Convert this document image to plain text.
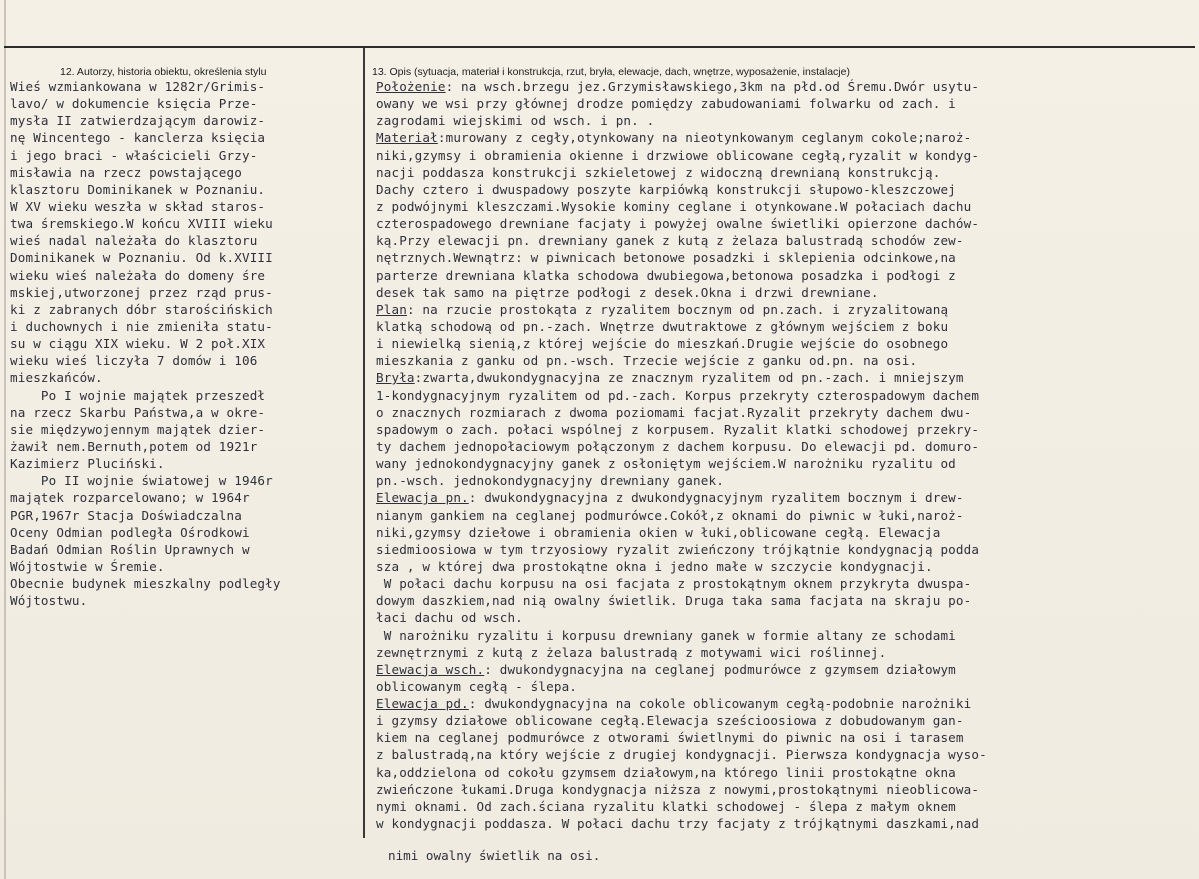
12. Autorzy, historia obiektu, określenia stylu	13. Opis (sytuacja, materiał i konstrukcja, rzut, bryła, elewacje, dach, wnętrze, wyposażenie, instalacje)
Wieś wzmiankowana w 1282r/Grimis-
lavo/ w dokumencie księcia Prze-
mysła II zatwierdzającym darowiz-
nę Wincentego - kanclerza księcia
i jego braci - właścicieli Grzy-
misławia na rzecz powstającego
klasztoru Dominikanek w Poznaniu.
W XV wieku weszła w skład staros-
twa śremskiego.W końcu XVIII wieku
wieś nadal należała do klasztoru
Dominikanek w Poznaniu. Od k.XVIII
wieku wieś należała do domeny śre
mskiej,utworzonej przez rząd prus-
ki z zabranych dóbr starościńskich
i duchownych i nie zmieniła statu-
su w ciągu XIX wieku. W 2 poł.XIX
wieku wieś liczyła 7 domów i 106
mieszkańców.
Po I wojnie majątek przeszedł
na rzecz Skarbu Państwa,a w okre-
sie międzywojennym majątek dzier-
żawił nem.Bernuth,potem od 1921r
Kazimierz Pluciński.
Po II wojnie światowej w 1946r
majątek rozparcelowano; w 1964r
PGR,1967r Stacja Doświadczalna
Oceny Odmian podległa Ośrodkowi
Badań Odmian Roślin Uprawnych w
Wójtostwie w Śremie.
Obecnie budynek mieszkalny podległy
Wójtostwu.
Położenie: na wsch.brzegu jez.Grzymisławskiego,3km na płd.od Śremu.Dwór usytu-
owany we wsi przy głównej drodze pomiędzy zabudowaniami folwarku od zach. i
zagrodami wiejskimi od wsch. i pn. .
Materiał:murowany z cegły,otynkowany na nieotynkowanym ceglanym cokole;naroż-
niki,gzymsy i obramienia okienne i drzwiowe oblicowane cegłą,ryzalit w kondyg-
nacji poddasza konstrukcji szkieletowej z widoczną drewnianą konstrukcją.
Dachy cztero i dwuspadowy poszyte karpiówką konstrukcji słupowo-kleszczowej
z podwójnymi kleszczami.Wysokie kominy ceglane i otynkowane.W połaciach dachu
czterospadowego drewniane facjaty i powyżej owalne świetliki opierzone dachów-
ką.Przy elewacji pn. drewniany ganek z kutą z żelaza balustradą schodów zew-
nętrznych.Wewnątrz: w piwnicach betonowe posadzki i sklepienia odcinkowe,na
parterze drewniana klatka schodowa dwubiegowa,betonowa posadzka i podłogi z
desek tak samo na piętrze podłogi z desek.Okna i drzwi drewniane.
Plan: na rzucie prostokąta z ryzalitem bocznym od pn.zach. i zryzalitowaną
klatką schodową od pn.-zach. Wnętrze dwutraktowe z głównym wejściem z boku
i niewielką sienią,z której wejście do mieszkań.Drugie wejście do osobnego
mieszkania z ganku od pn.-wsch. Trzecie wejście z ganku od.pn. na osi.
Bryła:zwarta,dwukondygnacyjna ze znacznym ryzalitem od pn.-zach. i mniejszym
1-kondygnacyjnym ryzalitem od pd.-zach. Korpus przekryty czterospadowym dachem
o znacznych rozmiarach z dwoma poziomami facjat.Ryzalit przekryty dachem dwu-
spadowym o zach. połaci wspólnej z korpusem. Ryzalit klatki schodowej przekry-
ty dachem jednopołaciowym połączonym z dachem korpusu. Do elewacji pd. domuro-
wany jednokondygnacyjny ganek z osłoniętym wejściem.W narożniku ryzalitu od
pn.-wsch. jednokondygnacyjny drewniany ganek.
Elewacja pn.: dwukondygnacyjna z dwukondygnacyjnym ryzalitem bocznym i drew-
nianym gankiem na ceglanej podmurówce.Cokół,z oknami do piwnic w łuki,naroż-
niki,gzymsy dziełowe i obramienia okien w łuki,oblicowane cegłą. Elewacja
siedmioosiowa w tym trzyosiowy ryzalit zwieńczony trójkątnie kondygnacją podda
sza , w której dwa prostokątne okna i jedno małe w szczycie kondygnacji.
W połaci dachu korpusu na osi facjata z prostokątnym oknem przykryta dwuspa-
dowym daszkiem,nad nią owalny świetlik. Druga taka sama facjata na skraju po-
łaci dachu od wsch.
W narożniku ryzalitu i korpusu drewniany ganek w formie altany ze schodami
zewnętrznymi z kutą z żelaza balustradą z motywami wici roślinnej.
Elewacja wsch.: dwukondygnacyjna na ceglanej podmurówce z gzymsem działowym
oblicowanym cegłą - ślepa.
Elewacja pd.: dwukondygnacyjna na cokole oblicowanym cegłą-podobnie narożniki
i gzymsy działowe oblicowane cegłą.Elewacja sześcioosiowa z dobudowanym gan-
kiem na ceglanej podmurówce z otworami świetlnymi do piwnic na osi i tarasem
z balustradą,na który wejście z drugiej kondygnacji. Pierwsza kondygnacja wyso-
ka,oddzielona od cokołu gzymsem działowym,na którego linii prostokątne okna
zwieńczone łukami.Druga kondygnacja niższa z nowymi,prostokątnymi nieoblicowa-
nymi oknami. Od zach.ściana ryzalitu klatki schodowej - ślepa z małym oknem
w kondygnacji poddasza. W połaci dachu trzy facjaty z trójkątnymi daszkami,nad
nimi owalny świetlik na osi.
